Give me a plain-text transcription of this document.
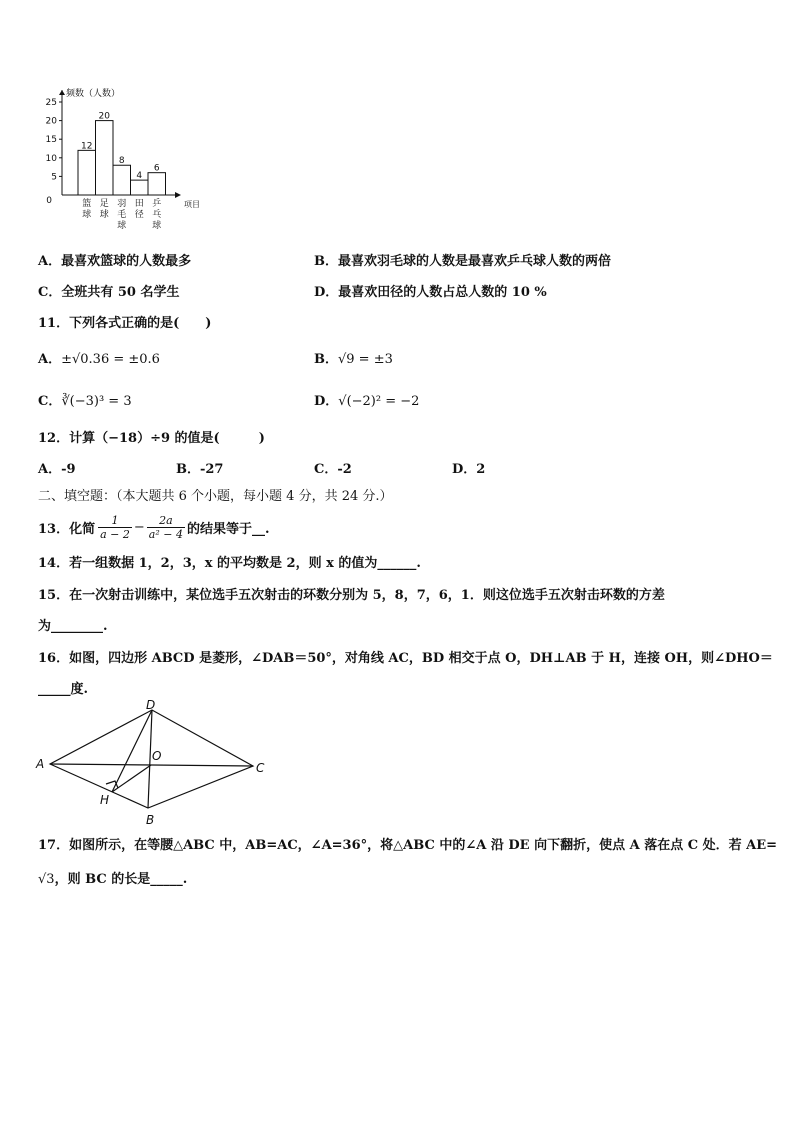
频数（人数）
项目
0
5
10
15
20
25
12
篮
球
20
足
球
8
羽
毛
球
4
田
径
6
乒
乓
球
A．最喜欢篮球的人数最多	B．最喜欢羽毛球的人数是最喜欢乒乓球人数的两倍
C．全班共有 50 名学生	D．最喜欢田径的人数占总人数的 10 %
11．下列各式正确的是(　　)
A．±√0.36 = ±0.6	B．√9 = ±3
C．∛(−3)³ = 3	D．√(−2)² = −2
12．计算（−18）÷9 的值是(　　　)
A．-9	B．-27	C．-2	D．2
二、填空题：（本大题共 6 个小题，每小题 4 分，共 24 分.）
13．化简 $\frac{1}{a - 2} - \frac{2a}{\text{a² − 4}}$ 的结果等于__.
14．若一组数据 1，2，3，x 的平均数是 2，则 x 的值为______.
15．在一次射击训练中，某位选手五次射击的环数分别为 5，8，7，6，1．则这位选手五次射击环数的方差
为________.
16．如图，四边形 ABCD 是菱形，∠DAB＝50°，对角线 AC，BD 相交于点 O，DH⊥AB 于 H，连接 OH，则∠DHO＝
_____度.
A
B
C
D
O
H
17．如图所示，在等腰△ABC 中，AB=AC，∠A=36°，将△ABC 中的∠A 沿 DE 向下翻折，使点 A 落在点 C 处．若 AE=
√3，则 BC 的长是_____.
